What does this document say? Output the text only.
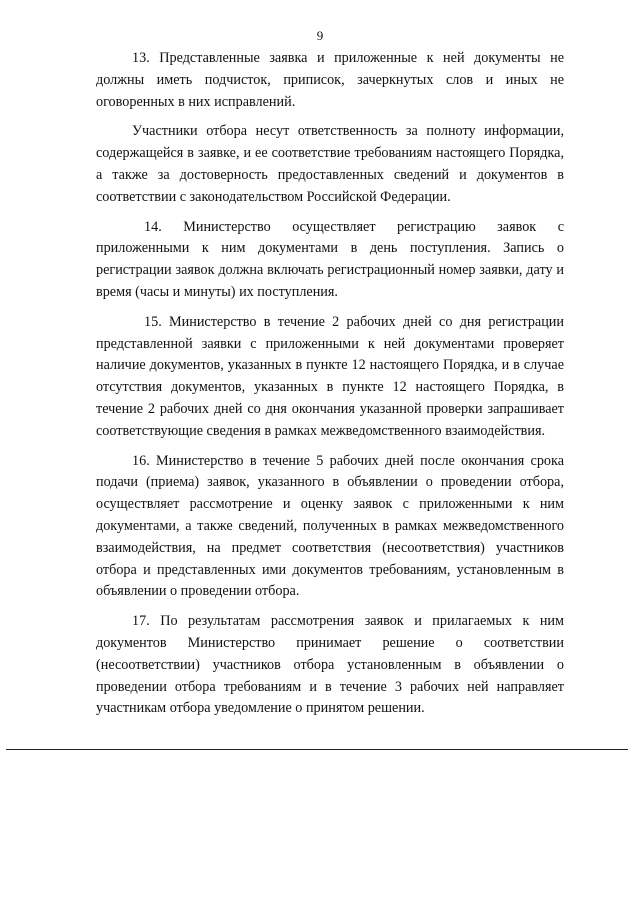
9

13. Представленные заявка и приложенные к ней документы не должны иметь подчисток, приписок, зачеркнутых слов и иных не оговоренных в них исправлений.

Участники отбора несут ответственность за полноту информации, содержащейся в заявке, и ее соответствие требованиям настоящего Порядка, а также за достоверность предоставленных сведений и документов в соответствии с законодательством Российской Федерации.

14. Министерство осуществляет регистрацию заявок с приложенными к ним документами в день поступления. Запись о регистрации заявок должна включать регистрационный номер заявки, дату и время (часы и минуты) их поступления.

15. Министерство в течение 2 рабочих дней со дня регистрации представленной заявки с приложенными к ней документами проверяет наличие документов, указанных в пункте 12 настоящего Порядка, и в случае отсутствия документов, указанных в пункте 12 настоящего Порядка, в течение 2 рабочих дней со дня окончания указанной проверки запрашивает соответствующие сведения в рамках межведомственного взаимодействия.

16. Министерство в течение 5 рабочих дней после окончания срока подачи (приема) заявок, указанного в объявлении о проведении отбора, осуществляет рассмотрение и оценку заявок с приложенными к ним документами, а также сведений, полученных в рамках межведомственного взаимодействия, на предмет соответствия (несоответствия) участников отбора и представленных ими документов требованиям, установленным в объявлении о проведении отбора.

17. По результатам рассмотрения заявок и прилагаемых к ним документов Министерство принимает решение о соответствии (несоответствии) участников отбора установленным в объявлении о проведении отбора требованиям и в течение 3 рабочих ней направляет участникам отбора уведомление о принятом решении.
